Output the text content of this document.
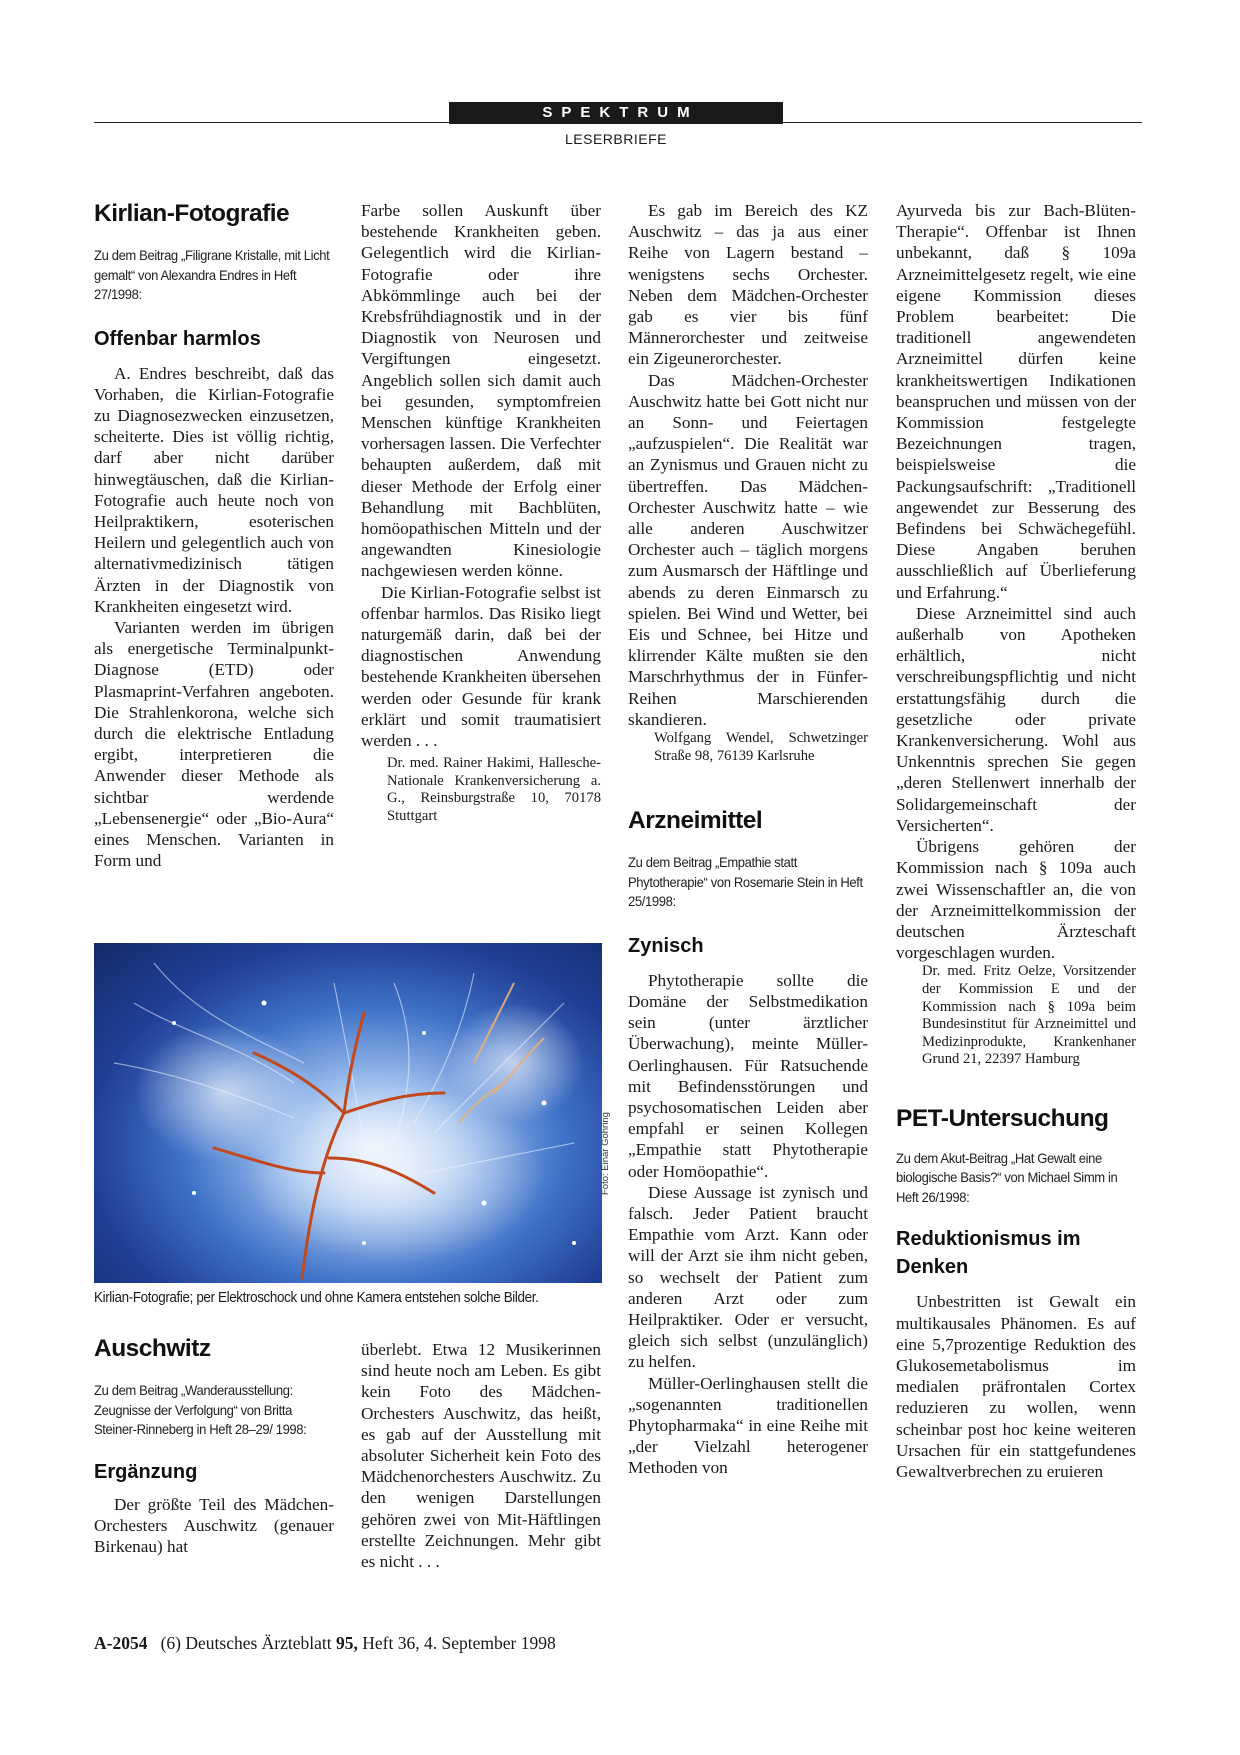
SPEKTRUM
LESERBRIEFE
Kirlian-Fotografie

Zu dem Beitrag „Filigrane Kristalle, mit Licht gemalt“ von Alexandra Endres in Heft 27/1998:

Offenbar harmlos

A. Endres beschreibt, daß das Vorhaben, die Kirlian-Fotografie zu Diagnosezwecken einzusetzen, scheiterte. Dies ist völlig richtig, darf aber nicht darüber hinwegtäuschen, daß die Kirlian-Fotografie auch heute noch von Heilpraktikern, esoterischen Heilern und gelegentlich auch von alternativmedizinisch tätigen Ärzten in der Diagnostik von Krankheiten eingesetzt wird.

Varianten werden im übrigen als energetische Terminalpunkt-Diagnose (ETD) oder Plasmaprint-Verfahren angeboten. Die Strahlenkorona, welche sich durch die elektrische Entladung ergibt, interpretieren die Anwender dieser Methode als sichtbar werdende „Lebensenergie“ oder „Bio-Aura“ eines Menschen. Varianten in Form und

Farbe sollen Auskunft über bestehende Krankheiten geben. Gelegentlich wird die Kirlian-Fotografie oder ihre Abkömmlinge auch bei der Krebsfrühdiagnostik und in der Diagnostik von Neurosen und Vergiftungen eingesetzt. Angeblich sollen sich damit auch bei gesunden, symptomfreien Menschen künftige Krankheiten vorhersagen lassen. Die Verfechter behaupten außerdem, daß mit dieser Methode der Erfolg einer Behandlung mit Bachblüten, homöopathischen Mitteln und der angewandten Kinesiologie nachgewiesen werden könne.

Die Kirlian-Fotografie selbst ist offenbar harmlos. Das Risiko liegt naturgemäß darin, daß bei der diagnostischen Anwendung bestehende Krankheiten übersehen werden oder Gesunde für krank erklärt und somit traumatisiert werden . . .

Dr. med. Rainer Hakimi, Hallesche-Nationale Krankenversicherung a. G., Reinsburgstraße 10, 70178 Stuttgart

Foto: Einar Göhring
Kirlian-Fotografie; per Elektroschock und ohne Kamera entstehen solche Bilder.
Auschwitz

Zu dem Beitrag „Wanderausstellung: Zeugnisse der Verfolgung“ von Britta Steiner-Rinneberg in Heft 28–29/ 1998:

Ergänzung

Der größte Teil des Mädchen-Orchesters Auschwitz (genauer Birkenau) hat

überlebt. Etwa 12 Musikerinnen sind heute noch am Leben. Es gibt kein Foto des Mädchen-Orchesters Auschwitz, das heißt, es gab auf der Ausstellung mit absoluter Sicherheit kein Foto des Mädchenorchesters Auschwitz. Zu den wenigen Darstellungen gehören zwei von Mit-Häftlingen erstellte Zeichnungen. Mehr gibt es nicht . . .

Es gab im Bereich des KZ Auschwitz – das ja aus einer Reihe von Lagern bestand – wenigstens sechs Orchester. Neben dem Mädchen-Orchester gab es vier bis fünf Männerorchester und zeitweise ein Zigeunerorchester.

Das Mädchen-Orchester Auschwitz hatte bei Gott nicht nur an Sonn- und Feiertagen „aufzuspielen“. Die Realität war an Zynismus und Grauen nicht zu übertreffen. Das Mädchen-Orchester Auschwitz hatte – wie alle anderen Auschwitzer Orchester auch – täglich morgens zum Ausmarsch der Häftlinge und abends zu deren Einmarsch zu spielen. Bei Wind und Wetter, bei Eis und Schnee, bei Hitze und klirrender Kälte mußten sie den Marschrhythmus der in Fünfer-Reihen Marschierenden skandieren.

Wolfgang Wendel, Schwetzinger Straße 98, 76139 Karlsruhe

Arzneimittel

Zu dem Beitrag „Empathie statt Phytotherapie“ von Rosemarie Stein in Heft 25/1998:

Zynisch

Phytotherapie sollte die Domäne der Selbstmedikation sein (unter ärztlicher Überwachung), meinte Müller-Oerlinghausen. Für Ratsuchende mit Befindensstörungen und psychosomatischen Leiden aber empfahl er seinen Kollegen „Empathie statt Phytotherapie oder Homöopathie“.

Diese Aussage ist zynisch und falsch. Jeder Patient braucht Empathie vom Arzt. Kann oder will der Arzt sie ihm nicht geben, so wechselt der Patient zum anderen Arzt oder zum Heilpraktiker. Oder er versucht, gleich sich selbst (unzulänglich) zu helfen.

Müller-Oerlinghausen stellt die „sogenannten traditionellen Phytopharmaka“ in eine Reihe mit „der Vielzahl heterogener Methoden von

Ayurveda bis zur Bach-Blüten-Therapie“. Offenbar ist Ihnen unbekannt, daß § 109a Arzneimittelgesetz regelt, wie eine eigene Kommission dieses Problem bearbeitet: Die traditionell angewendeten Arzneimittel dürfen keine krankheitswertigen Indikationen beanspruchen und müssen von der Kommission festgelegte Bezeichnungen tragen, beispielsweise die Packungsaufschrift: „Traditionell angewendet zur Besserung des Befindens bei Schwächegefühl. Diese Angaben beruhen ausschließlich auf Überlieferung und Erfahrung.“

Diese Arzneimittel sind auch außerhalb von Apotheken erhältlich, nicht verschreibungspflichtig und nicht erstattungsfähig durch die gesetzliche oder private Krankenversicherung. Wohl aus Unkenntnis sprechen Sie gegen „deren Stellenwert innerhalb der Solidargemeinschaft der Versicherten“.

Übrigens gehören der Kommission nach § 109a auch zwei Wissenschaftler an, die von der Arzneimittelkommission der deutschen Ärzteschaft vorgeschlagen wurden.

Dr. med. Fritz Oelze, Vorsitzender der Kommission E und der Kommission nach § 109a beim Bundesinstitut für Arzneimittel und Medizinprodukte, Krankenhaner Grund 21, 22397 Hamburg

PET-Untersuchung

Zu dem Akut-Beitrag „Hat Gewalt eine biologische Basis?“ von Michael Simm in Heft 26/1998:

Reduktionismus im Denken

Unbestritten ist Gewalt ein multikausales Phänomen. Es auf eine 5,7prozentige Reduktion des Glukosemetabolismus im medialen präfrontalen Cortex reduzieren zu wollen, wenn scheinbar post hoc keine weiteren Ursachen für ein stattgefundenes Gewaltverbrechen zu eruieren

A-2054 (6) Deutsches Ärzteblatt 95, Heft 36, 4. September 1998
